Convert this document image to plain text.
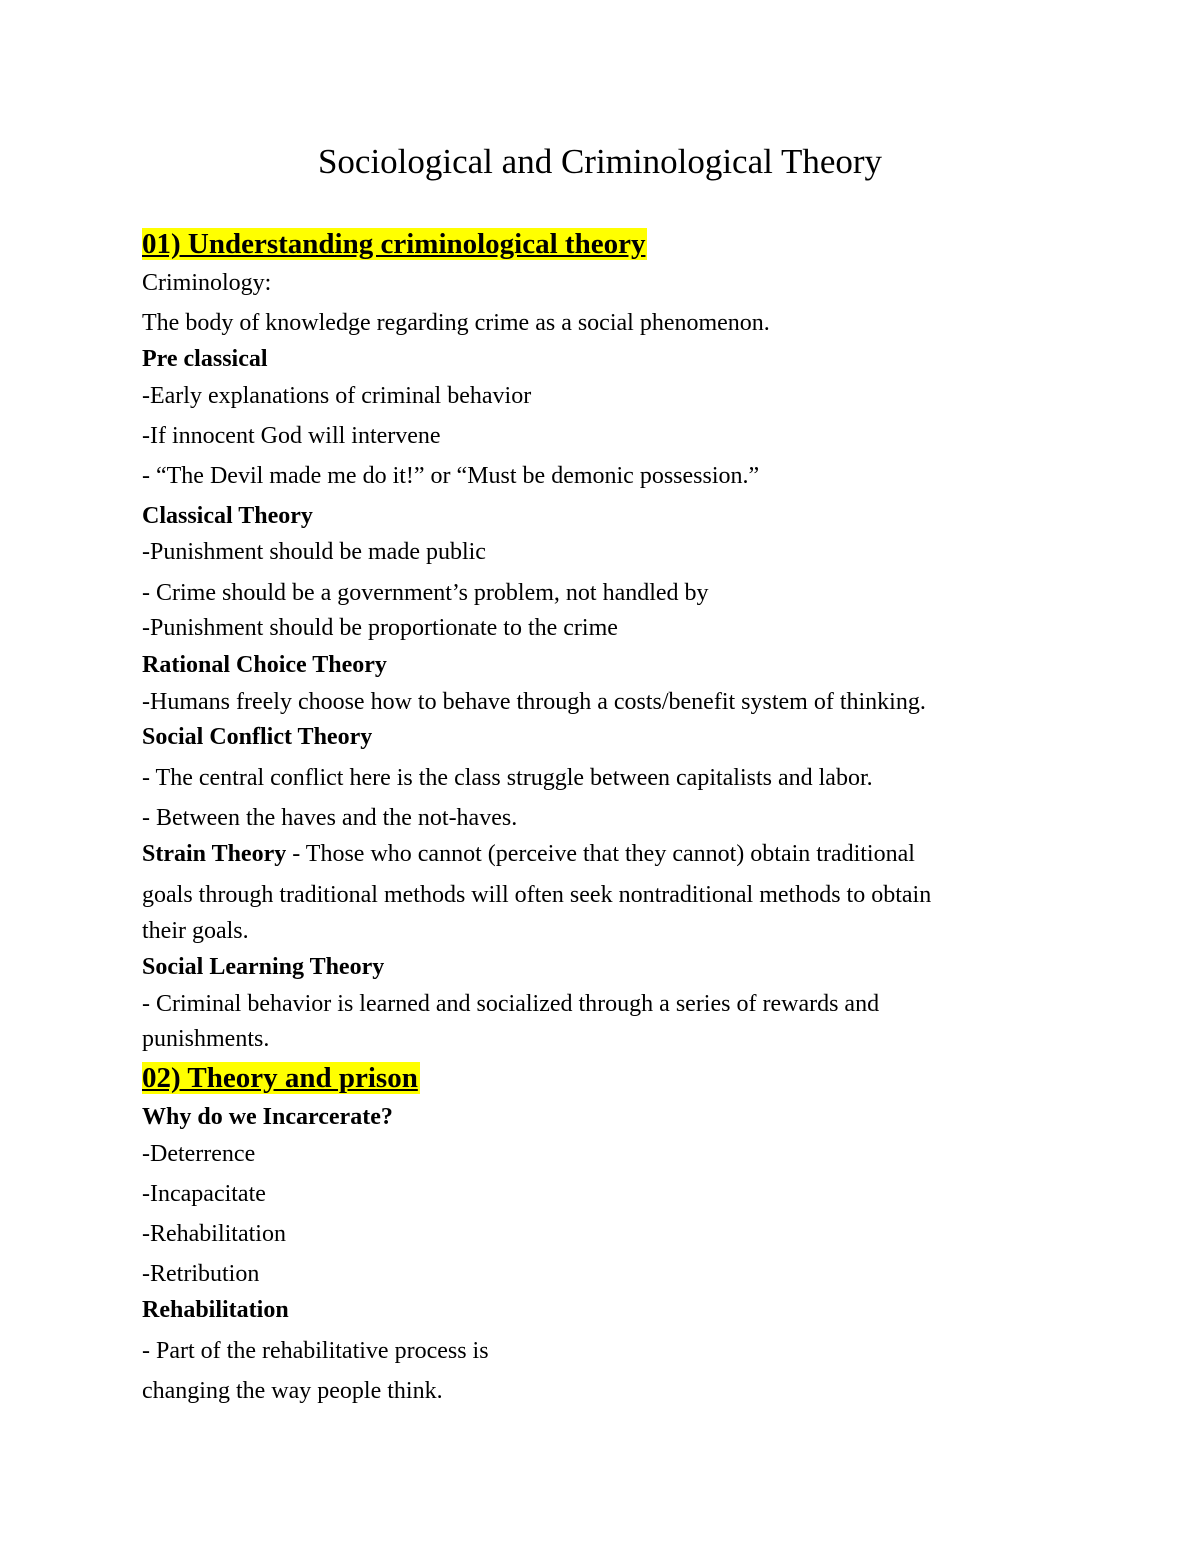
Sociological and Criminological Theory

01) Understanding criminological theory

Criminology:

The body of knowledge regarding crime as a social phenomenon.

Pre classical

-Early explanations of criminal behavior

-If innocent God will intervene

- “The Devil made me do it!” or “Must be demonic possession.”

Classical Theory

-Punishment should be made public

- Crime should be a government’s problem, not handled by

-Punishment should be proportionate to the crime

Rational Choice Theory

-Humans freely choose how to behave through a costs/benefit system of thinking.

Social Conflict Theory

- The central conflict here is the class struggle between capitalists and labor.

- Between the haves and the not-haves.

Strain Theory - Those who cannot (perceive that they cannot) obtain traditional

goals through traditional methods will often seek nontraditional methods to obtain

their goals.

Social Learning Theory

- Criminal behavior is learned and socialized through a series of rewards and

punishments.

02) Theory and prison

Why do we Incarcerate?

-Deterrence

-Incapacitate

-Rehabilitation

-Retribution

Rehabilitation

- Part of the rehabilitative process is

changing the way people think.
